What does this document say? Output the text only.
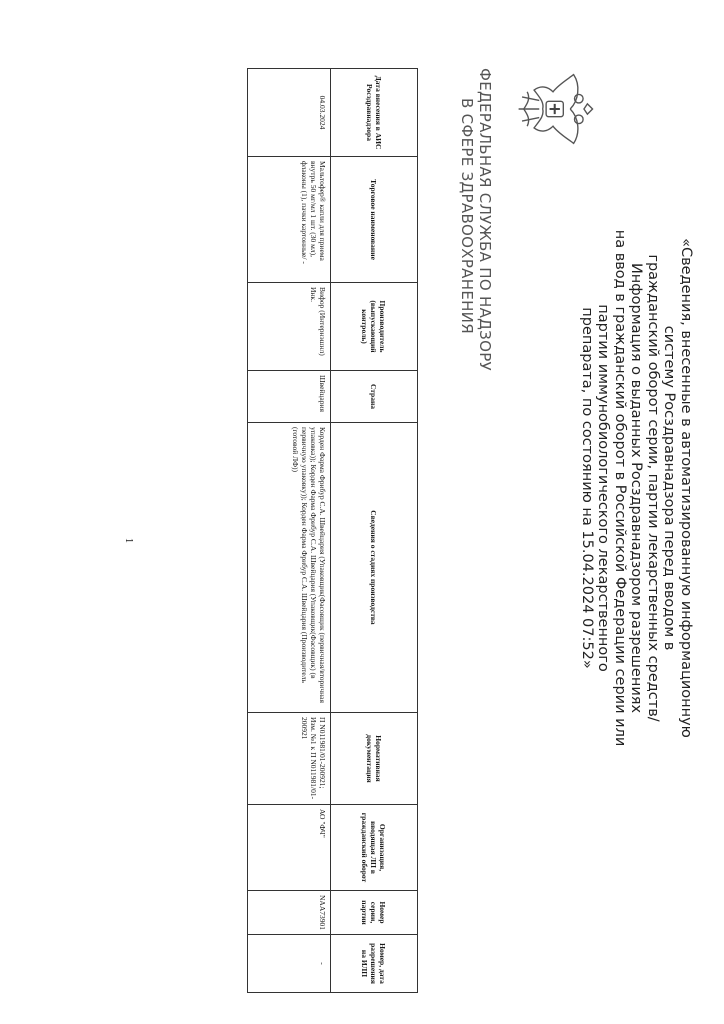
«Сведения, внесенные в автоматизированную информационную систему Росздравнадзора перед вводом в
гражданский оборот серии, партии лекарственных средств/ Информация о выданных Росздравнадзором разрешениях
на ввод в гражданский оборот в Российской Федерации серии или партии иммунобиологического лекарственного
препарата, по состоянию на 15.04.2024 07:52»
ФЕДЕРАЛЬНАЯ СЛУЖБА ПО НАДЗОРУ
В СФЕРЕ ЗДРАВООХРАНЕНИЯ
Дата внесения в АИС Росздравнадзора	Торговое наименование	Производитель (выпускающий контроль)	Страна	Сведения о стадиях производства	Нормативная документация	Организация, вводящая ЛП в гражданский оборот	Номер серии, партии	Номер, дата разрешения на ИЛП
04.03.2024	Мальтофер® капли для приема внутрь 50 мг/мл 1 шт. (30 мл), флаконы (1), пачки картонные/ -	Вифор (Интернэшнл) Инк.	Швейцария	Корден Фарма Фрибур С.А. Швейцария (Упаковщик(Фасовщик (первичная/вторичная упаковка)); Корден Фарма Фрибур С.А. Швейцария (Упаковщик(Фасовщик) (в первичную упаковку)); Корден Фарма Фрибур С.А. Швейцария (Производитель (готовой ЛФ))	П N011981/01-200921; Изм. №1 к П N011981/01-200921	АО "ФЧ"	NAA73901	-
1
